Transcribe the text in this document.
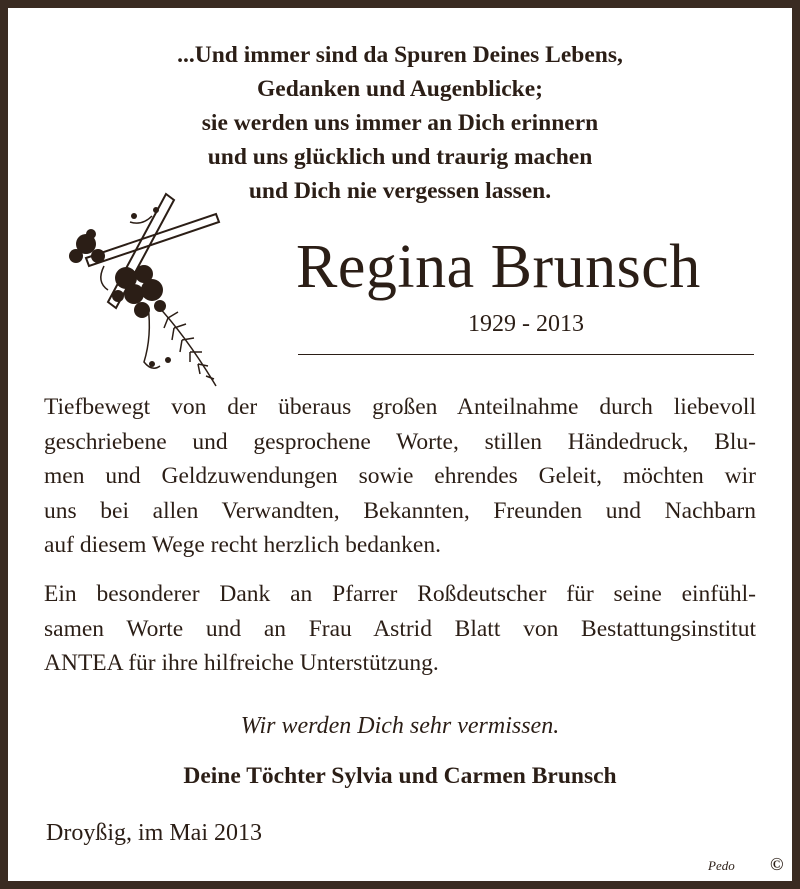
...Und immer sind da Spuren Deines Lebens,
Gedanken und Augenblicke;
sie werden uns immer an Dich erinnern
und uns glücklich und traurig machen
und Dich nie vergessen lassen.
Regina Brunsch
1929 - 2013
Tiefbewegt von der überaus großen Anteilnahme durch liebevoll
geschriebene und gesprochene Worte, stillen Händedruck, Blu-
men und Geldzuwendungen sowie ehrendes Geleit, möchten wir
uns bei allen Verwandten, Bekannten, Freunden und Nachbarn
auf diesem Wege recht herzlich bedanken.
Ein besonderer Dank an Pfarrer Roßdeutscher für seine einfühl-
samen Worte und an Frau Astrid Blatt von Bestattungsinstitut
ANTEA für ihre hilfreiche Unterstützung.
Wir werden Dich sehr vermissen.
Deine Töchter Sylvia und Carmen Brunsch
Droyßig, im Mai 2013
Pedo ©
